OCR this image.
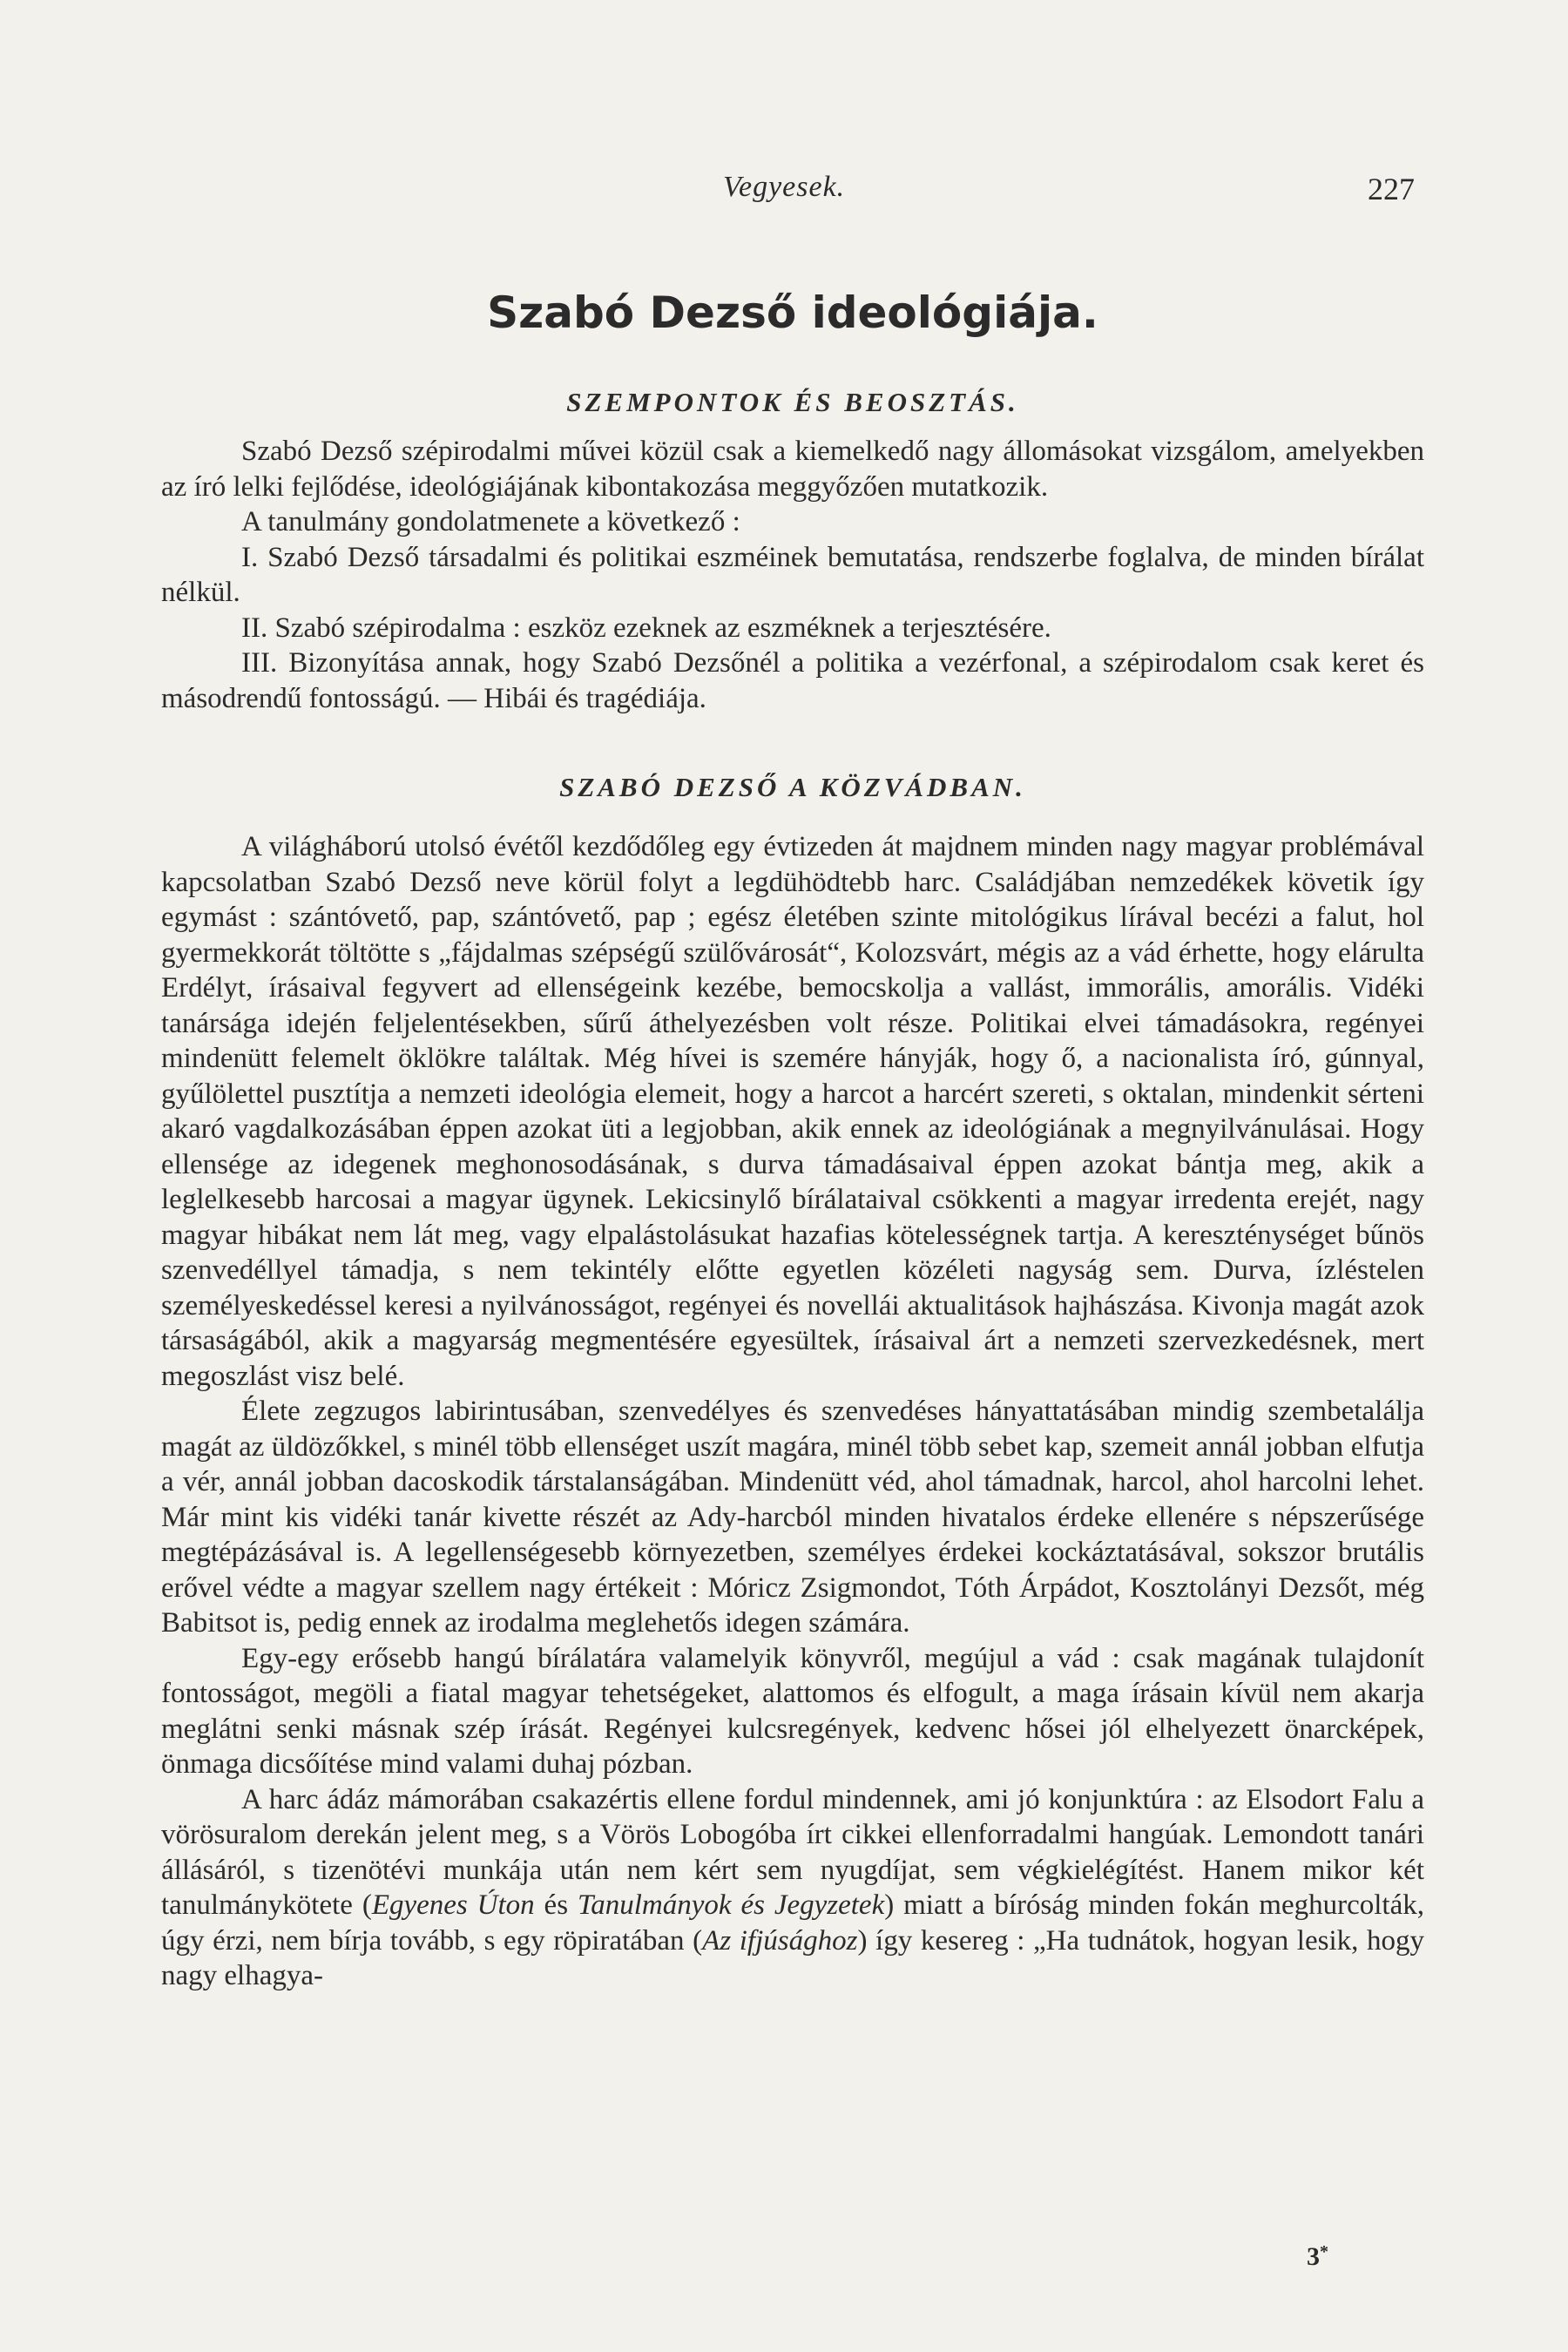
Vegyesek.	227
Szabó Dezső ideológiája.
SZEMPONTOK ÉS BEOSZTÁS.

Szabó Dezső szépirodalmi művei közül csak a kiemelkedő nagy állomásokat vizsgálom, amelyekben az író lelki fejlődése, ideológiájának kibontakozása meggyőzően mutatkozik.

A tanulmány gondolatmenete a következő :

I. Szabó Dezső társadalmi és politikai eszméinek bemutatása, rendszerbe foglalva, de minden bírálat nélkül.

II. Szabó szépirodalma : eszköz ezeknek az eszméknek a terjesztésére.

III. Bizonyítása annak, hogy Szabó Dezsőnél a politika a vezérfonal, a szépirodalom csak keret és másodrendű fontosságú. — Hibái és tragédiája.

SZABÓ DEZSŐ A KÖZVÁDBAN.

A világháború utolsó évétől kezdődőleg egy évtizeden át majdnem minden nagy magyar problémával kapcsolatban Szabó Dezső neve körül folyt a legdühödtebb harc. Családjában nemzedékek követik így egymást : szántóvető, pap, szántóvető, pap ; egész életében szinte mitológikus lírával becézi a falut, hol gyermekkorát töltötte s „fájdalmas szépségű szülővárosát“, Kolozsvárt, mégis az a vád érhette, hogy elárulta Erdélyt, írásaival fegyvert ad ellenségeink kezébe, bemocskolja a vallást, immorális, amorális. Vidéki tanársága idején feljelentésekben, sűrű áthelyezésben volt része. Politikai elvei támadásokra, regényei mindenütt felemelt öklökre találtak. Még hívei is szemére hányják, hogy ő, a nacionalista író, gúnnyal, gyűlölettel pusztítja a nemzeti ideológia elemeit, hogy a harcot a harcért szereti, s oktalan, mindenkit sérteni akaró vagdalkozásában éppen azokat üti a legjobban, akik ennek az ideológiának a megnyilvánulásai. Hogy ellensége az idegenek meghonosodásának, s durva támadásaival éppen azokat bántja meg, akik a leglelkesebb harcosai a magyar ügynek. Lekicsinylő bírálataival csökkenti a magyar irredenta erejét, nagy magyar hibákat nem lát meg, vagy elpalástolásukat hazafias kötelességnek tartja. A kereszténységet bűnös szenvedéllyel támadja, s nem tekintély előtte egyetlen közéleti nagyság sem. Durva, ízléstelen személyeskedéssel keresi a nyilvánosságot, regényei és novellái aktualitások hajhászása. Kivonja magát azok társaságából, akik a magyarság megmentésére egyesültek, írásaival árt a nemzeti szervezkedésnek, mert megoszlást visz belé.

Élete zegzugos labirintusában, szenvedélyes és szenvedéses hányattatásában mindig szembetalálja magát az üldözőkkel, s minél több ellenséget uszít magára, minél több sebet kap, szemeit annál jobban elfutja a vér, annál jobban dacoskodik társtalanságában. Mindenütt véd, ahol támadnak, harcol, ahol harcolni lehet. Már mint kis vidéki tanár kivette részét az Ady-harcból minden hivatalos érdeke ellenére s népszerűsége megtépázásával is. A legellenségesebb környezetben, személyes érdekei kockáztatásával, sokszor brutális erővel védte a magyar szellem nagy értékeit : Móricz Zsigmondot, Tóth Árpádot, Kosztolányi Dezsőt, még Babitsot is, pedig ennek az irodalma meglehetős idegen számára.

Egy-egy erősebb hangú bírálatára valamelyik könyvről, megújul a vád : csak magának tulajdonít fontosságot, megöli a fiatal magyar tehetségeket, alattomos és elfogult, a maga írásain kívül nem akarja meglátni senki másnak szép írását. Regényei kulcsregények, kedvenc hősei jól elhelyezett önarcképek, önmaga dicsőítése mind valami duhaj pózban.

A harc ádáz mámorában csakazértis ellene fordul mindennek, ami jó konjunktúra : az Elsodort Falu a vörösuralom derekán jelent meg, s a Vörös Lobogóba írt cikkei ellenforradalmi hangúak. Lemondott tanári állásáról, s tizenötévi munkája után nem kért sem nyugdíjat, sem végkielégítést. Hanem mikor két tanulmánykötete (Egyenes Úton és Tanulmányok és Jegyzetek) miatt a bíróság minden fokán meghurcolták, úgy érzi, nem bírja tovább, s egy röpiratában (Az ifjúsághoz) így kesereg : „Ha tudnátok, hogyan lesik, hogy nagy elhagya-

3*
